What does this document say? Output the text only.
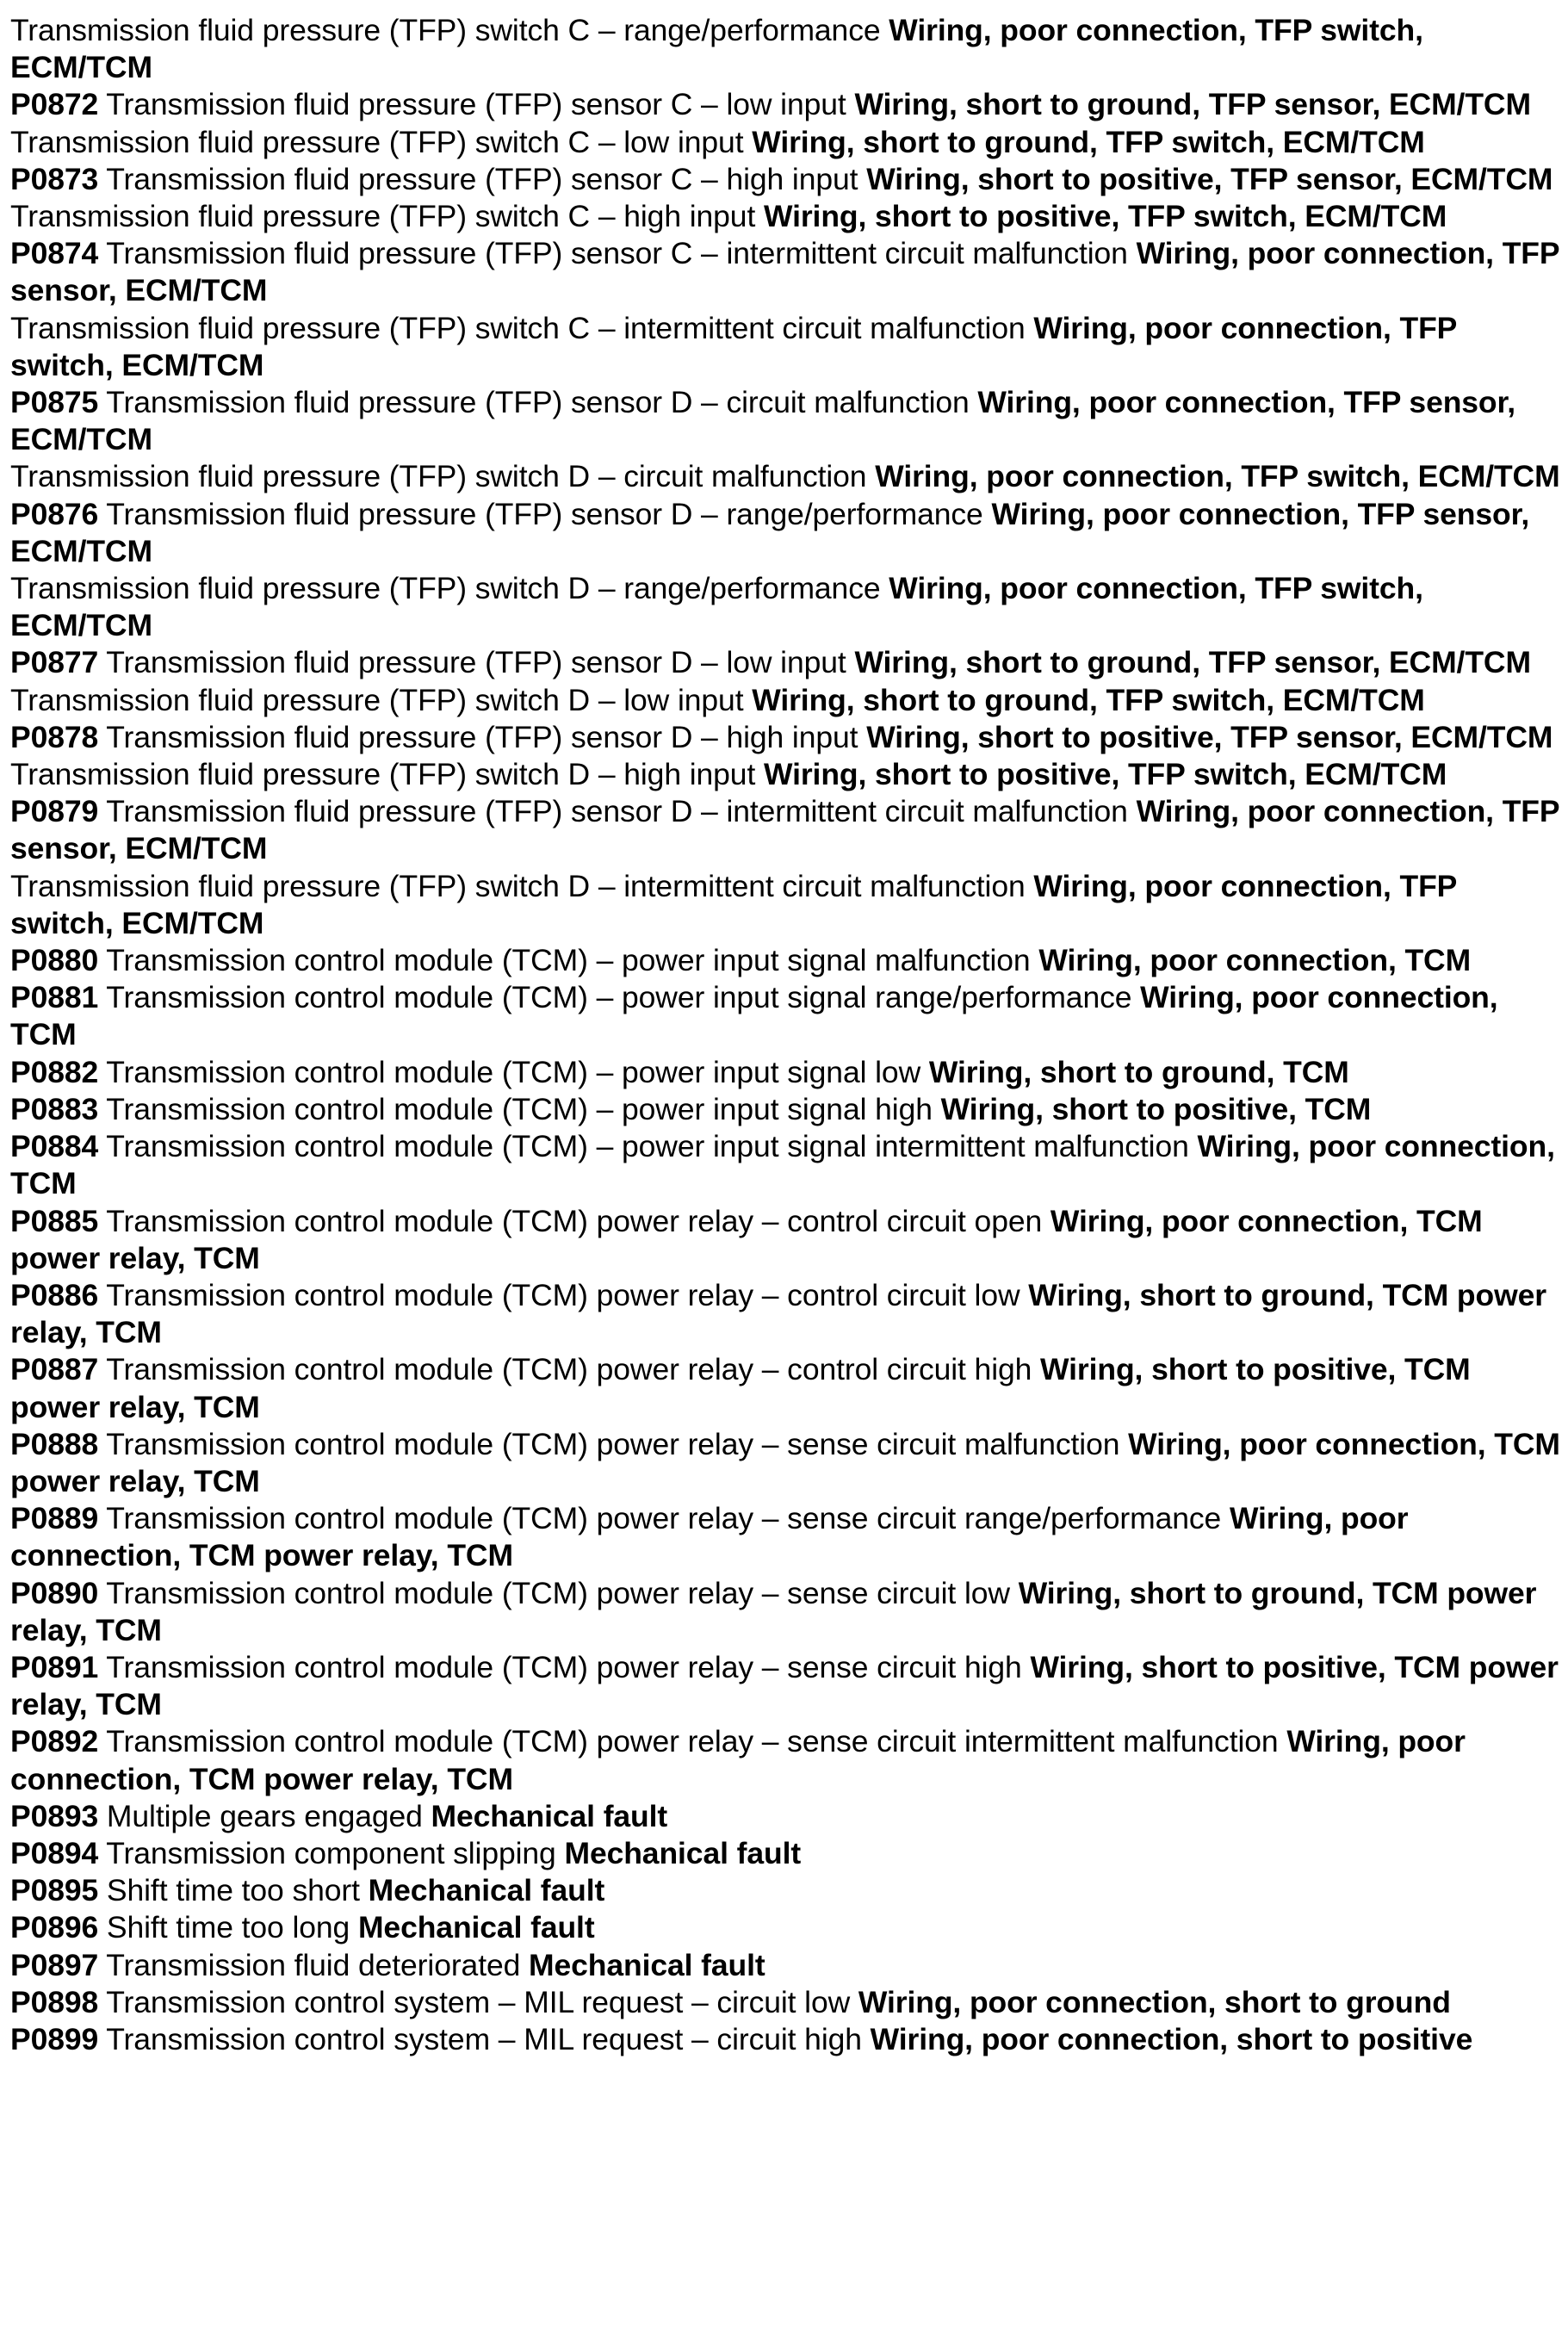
Transmission fluid pressure (TFP) switch C – range/performance Wiring, poor connection, TFP switch, ECM/TCM
P0872 Transmission fluid pressure (TFP) sensor C – low input Wiring, short to ground, TFP sensor, ECM/TCM
Transmission fluid pressure (TFP) switch C – low input Wiring, short to ground, TFP switch, ECM/TCM
P0873 Transmission fluid pressure (TFP) sensor C – high input Wiring, short to positive, TFP sensor, ECM/TCM
Transmission fluid pressure (TFP) switch C – high input Wiring, short to positive, TFP switch, ECM/TCM
P0874 Transmission fluid pressure (TFP) sensor C – intermittent circuit malfunction Wiring, poor connection, TFP sensor, ECM/TCM
Transmission fluid pressure (TFP) switch C – intermittent circuit malfunction Wiring, poor connection, TFP switch, ECM/TCM
P0875 Transmission fluid pressure (TFP) sensor D – circuit malfunction Wiring, poor connection, TFP sensor, ECM/TCM
Transmission fluid pressure (TFP) switch D – circuit malfunction Wiring, poor connection, TFP switch, ECM/TCM
P0876 Transmission fluid pressure (TFP) sensor D – range/performance Wiring, poor connection, TFP sensor, ECM/TCM
Transmission fluid pressure (TFP) switch D – range/performance Wiring, poor connection, TFP switch, ECM/TCM
P0877 Transmission fluid pressure (TFP) sensor D – low input Wiring, short to ground, TFP sensor, ECM/TCM
Transmission fluid pressure (TFP) switch D – low input Wiring, short to ground, TFP switch, ECM/TCM
P0878 Transmission fluid pressure (TFP) sensor D – high input Wiring, short to positive, TFP sensor, ECM/TCM
Transmission fluid pressure (TFP) switch D – high input Wiring, short to positive, TFP switch, ECM/TCM
P0879 Transmission fluid pressure (TFP) sensor D – intermittent circuit malfunction Wiring, poor connection, TFP sensor, ECM/TCM
Transmission fluid pressure (TFP) switch D – intermittent circuit malfunction Wiring, poor connection, TFP switch, ECM/TCM
P0880 Transmission control module (TCM) – power input signal malfunction Wiring, poor connection, TCM
P0881 Transmission control module (TCM) – power input signal range/performance Wiring, poor connection, TCM
P0882 Transmission control module (TCM) – power input signal low Wiring, short to ground, TCM
P0883 Transmission control module (TCM) – power input signal high Wiring, short to positive, TCM
P0884 Transmission control module (TCM) – power input signal intermittent malfunction Wiring, poor connection, TCM
P0885 Transmission control module (TCM) power relay – control circuit open Wiring, poor connection, TCM power relay, TCM
P0886 Transmission control module (TCM) power relay – control circuit low Wiring, short to ground, TCM power relay, TCM
P0887 Transmission control module (TCM) power relay – control circuit high Wiring, short to positive, TCM power relay, TCM
P0888 Transmission control module (TCM) power relay – sense circuit malfunction Wiring, poor connection, TCM power relay, TCM
P0889 Transmission control module (TCM) power relay – sense circuit range/performance Wiring, poor connection, TCM power relay, TCM
P0890 Transmission control module (TCM) power relay – sense circuit low Wiring, short to ground, TCM power relay, TCM
P0891 Transmission control module (TCM) power relay – sense circuit high Wiring, short to positive, TCM power relay, TCM
P0892 Transmission control module (TCM) power relay – sense circuit intermittent malfunction Wiring, poor connection, TCM power relay, TCM
P0893 Multiple gears engaged Mechanical fault
P0894 Transmission component slipping Mechanical fault
P0895 Shift time too short Mechanical fault
P0896 Shift time too long Mechanical fault
P0897 Transmission fluid deteriorated Mechanical fault
P0898 Transmission control system – MIL request – circuit low Wiring, poor connection, short to ground
P0899 Transmission control system – MIL request – circuit high Wiring, poor connection, short to positive
